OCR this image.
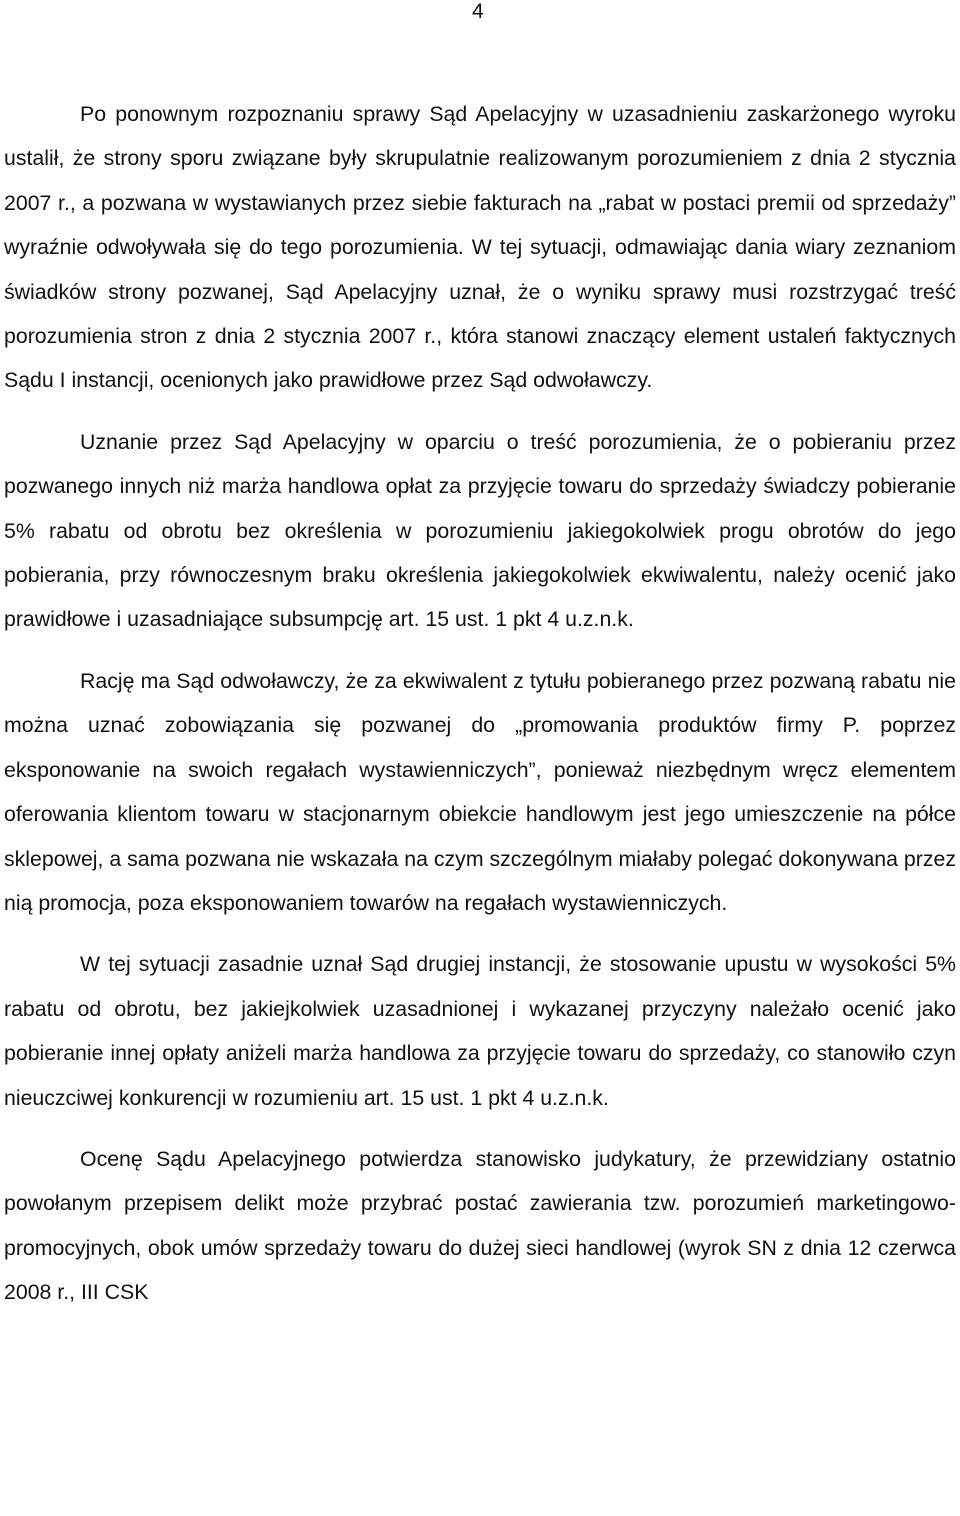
4

Po ponownym rozpoznaniu sprawy Sąd Apelacyjny w uzasadnieniu zaskarżonego wyroku ustalił, że strony sporu związane były skrupulatnie realizowanym porozumieniem z dnia 2 stycznia 2007 r., a pozwana w wystawianych przez siebie fakturach na „rabat w postaci premii od sprzedaży” wyraźnie odwoływała się do tego porozumienia. W tej sytuacji, odmawiając dania wiary zeznaniom świadków strony pozwanej, Sąd Apelacyjny uznał, że o wyniku sprawy musi rozstrzygać treść porozumienia stron z dnia 2 stycznia 2007 r., która stanowi znaczący element ustaleń faktycznych Sądu I instancji, ocenionych jako prawidłowe przez Sąd odwoławczy.

Uznanie przez Sąd Apelacyjny w oparciu o treść porozumienia, że o pobieraniu przez pozwanego innych niż marża handlowa opłat za przyjęcie towaru do sprzedaży świadczy pobieranie 5% rabatu od obrotu bez określenia w porozumieniu jakiegokolwiek progu obrotów do jego pobierania, przy równoczesnym braku określenia jakiegokolwiek ekwiwalentu, należy ocenić jako prawidłowe i uzasadniające subsumpcję art. 15 ust. 1 pkt 4 u.z.n.k.

Rację ma Sąd odwoławczy, że za ekwiwalent z tytułu pobieranego przez pozwaną rabatu nie można uznać zobowiązania się pozwanej do „promowania produktów firmy P. poprzez eksponowanie na swoich regałach wystawienniczych”, ponieważ niezbędnym wręcz elementem oferowania klientom towaru w stacjonarnym obiekcie handlowym jest jego umieszczenie na półce sklepowej, a sama pozwana nie wskazała na czym szczególnym miałaby polegać dokonywana przez nią promocja, poza eksponowaniem towarów na regałach wystawienniczych.

W tej sytuacji zasadnie uznał Sąd drugiej instancji, że stosowanie upustu w wysokości 5% rabatu od obrotu, bez jakiejkolwiek uzasadnionej i wykazanej przyczyny należało ocenić jako pobieranie innej opłaty aniżeli marża handlowa za przyjęcie towaru do sprzedaży, co stanowiło czyn nieuczciwej konkurencji w rozumieniu art. 15 ust. 1 pkt 4 u.z.n.k.

Ocenę Sądu Apelacyjnego potwierdza stanowisko judykatury, że przewidziany ostatnio powołanym przepisem delikt może przybrać postać zawierania tzw. porozumień marketingowo-promocyjnych, obok umów sprzedaży towaru do dużej sieci handlowej (wyrok SN z dnia 12 czerwca 2008 r., III CSK
